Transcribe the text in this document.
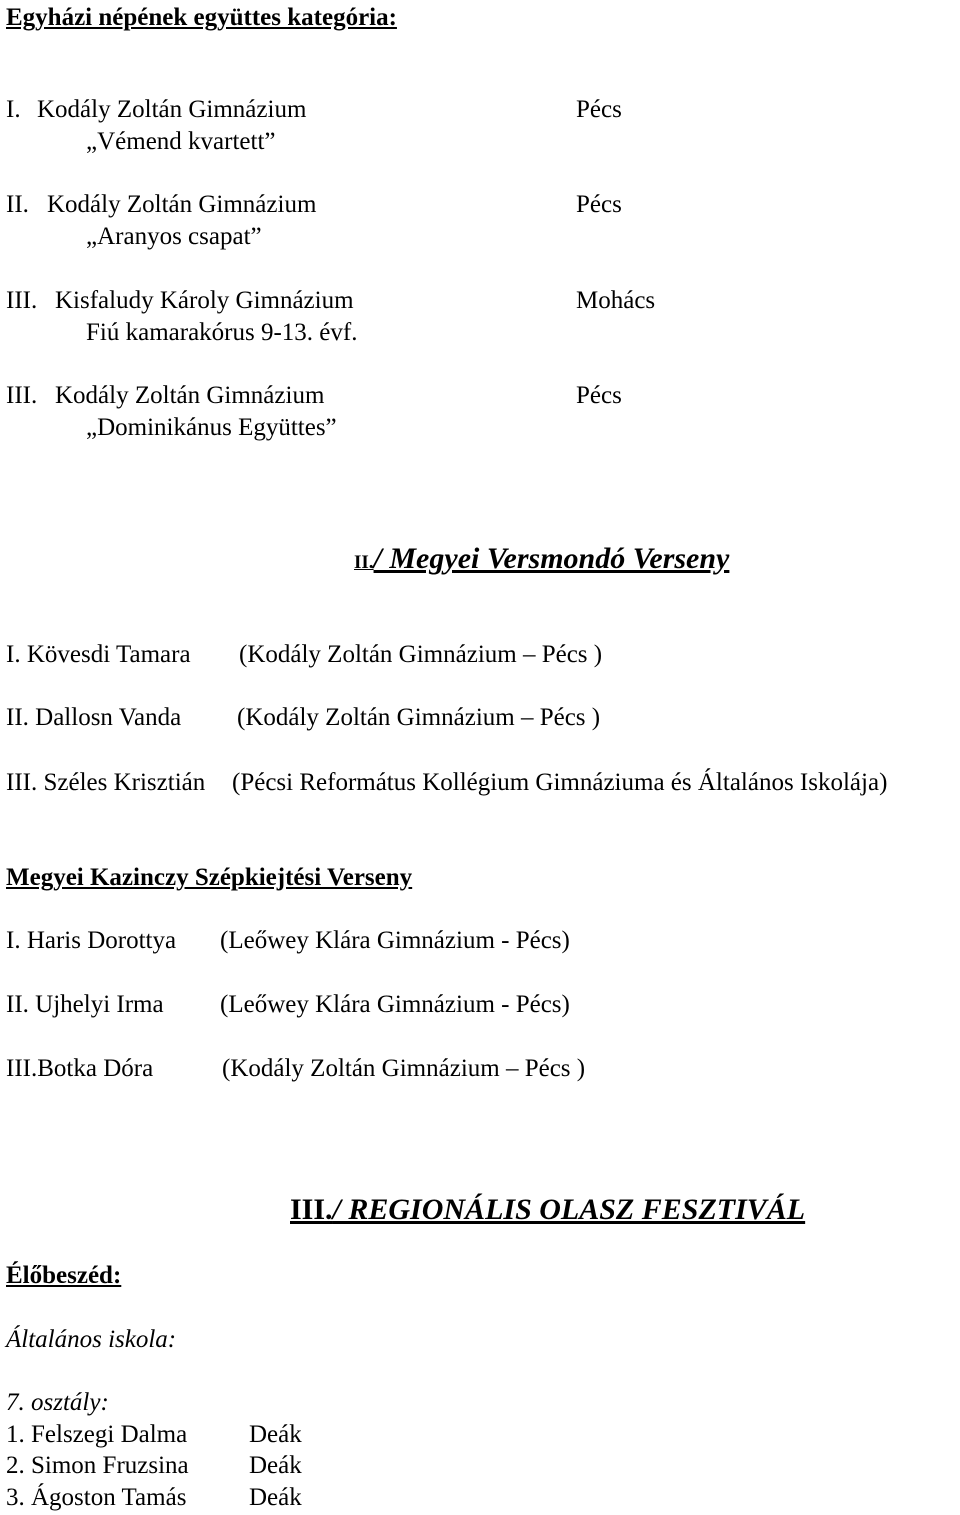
Egyházi népének együttes kategória:
I. Kodály Zoltán Gimnázium
„Vémend kvartett”
Pécs
II. Kodály Zoltán Gimnázium
„Aranyos csapat”
Pécs
III. Kisfaludy Károly Gimnázium
Fiú kamarakórus 9-13. évf.
Mohács
III. Kodály Zoltán Gimnázium
„Dominikánus Együttes”
Pécs
II./ Megyei Versmondó Verseny
I. Kövesdi Tamara (Kodály Zoltán Gimnázium – Pécs )
II. Dallosn Vanda (Kodály Zoltán Gimnázium – Pécs )
III. Széles Krisztián (Pécsi Református Kollégium Gimnáziuma és Általános Iskolája)
Megyei Kazinczy Szépkiejtési Verseny
I. Haris Dorottya (Leőwey Klára Gimnázium - Pécs)
II. Ujhelyi Irma (Leőwey Klára Gimnázium - Pécs)
III.Botka Dóra	(Kodály Zoltán Gimnázium – Pécs )
III./ REGIONÁLIS OLASZ FESZTIVÁL
Élőbeszéd:
Általános iskola:
7. osztály:
1. Felszegi Dalma Deák
2. Simon Fruzsina Deák
3. Ágoston Tamás	Deák
